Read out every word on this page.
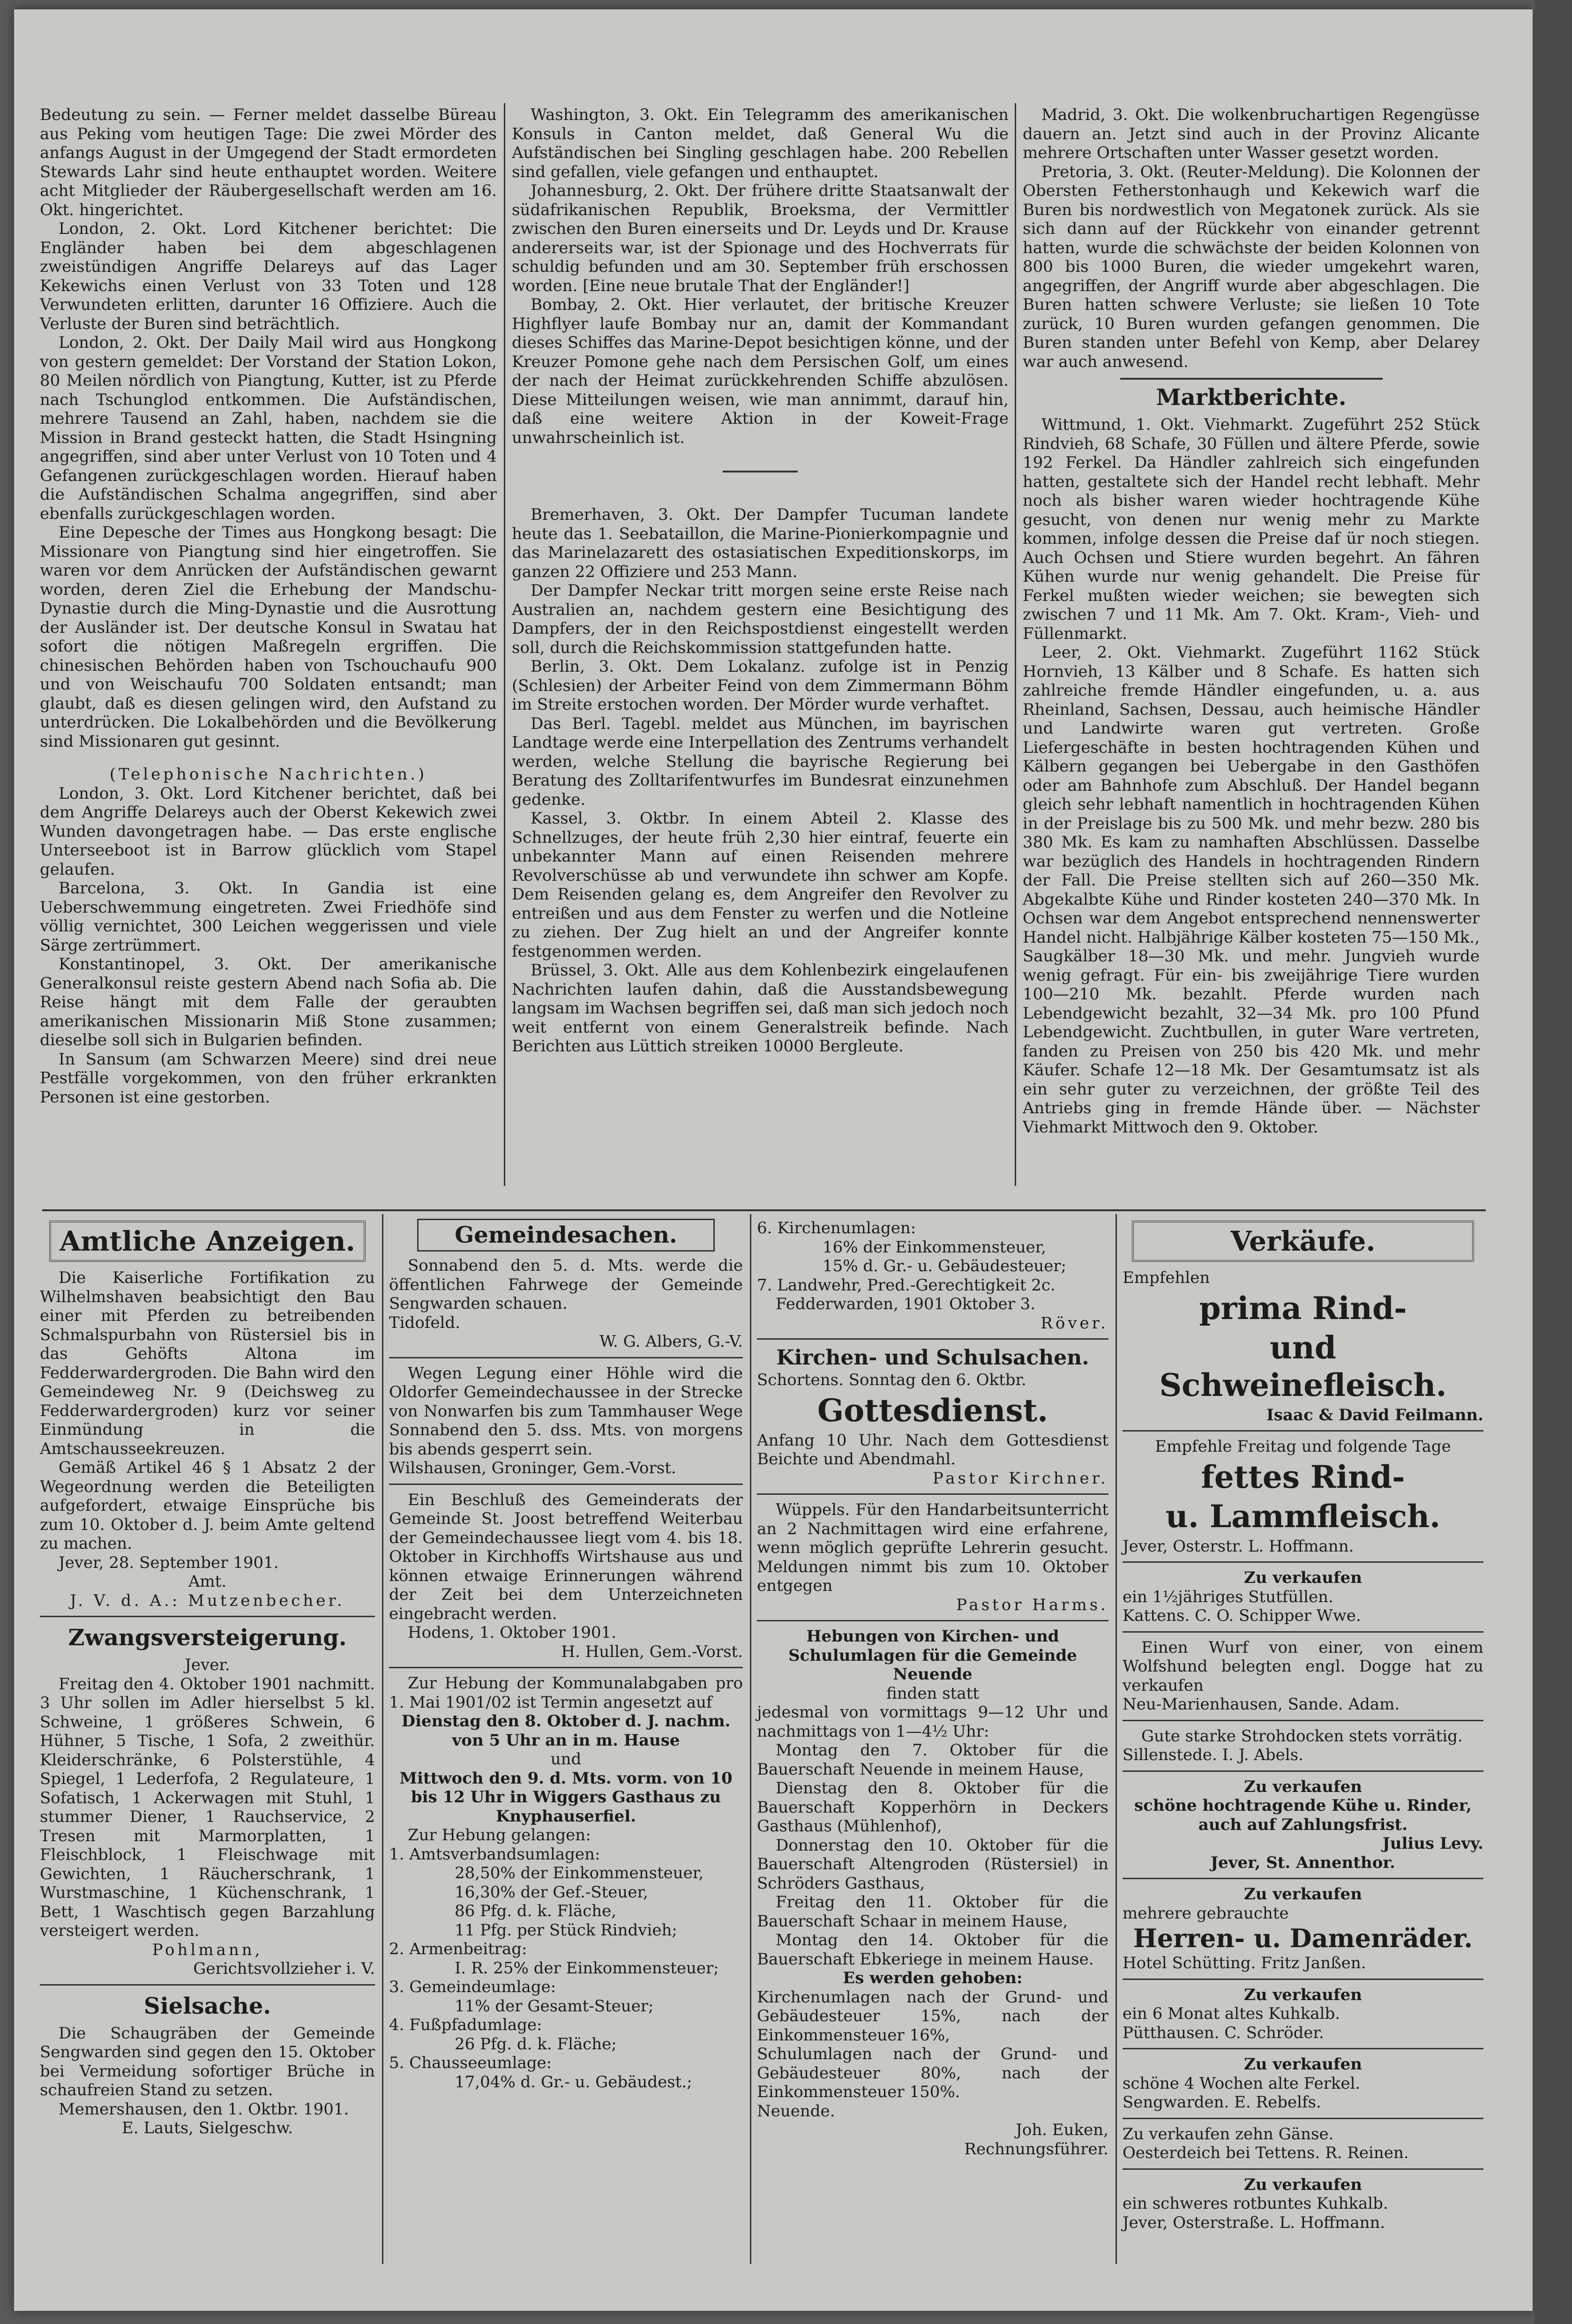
Bedeutung zu sein. — Ferner meldet dasselbe Büreau aus Peking vom heutigen Tage: Die zwei Mörder des anfangs August in der Umgegend der Stadt ermordeten Stewards Lahr sind heute enthauptet worden. Weitere acht Mitglieder der Räubergesellschaft werden am 16. Okt. hingerichtet.

London, 2. Okt. Lord Kitchener berichtet: Die Engländer haben bei dem abgeschlagenen zweistündigen Angriffe Delareys auf das Lager Kekewichs einen Verlust von 33 Toten und 128 Verwundeten erlitten, darunter 16 Offiziere. Auch die Verluste der Buren sind beträchtlich.

London, 2. Okt. Der Daily Mail wird aus Hongkong von gestern gemeldet: Der Vorstand der Station Lokon, 80 Meilen nördlich von Piangtung, Kutter, ist zu Pferde nach Tschunglod entkommen. Die Aufständischen, mehrere Tausend an Zahl, haben, nachdem sie die Mission in Brand gesteckt hatten, die Stadt Hsingning angegriffen, sind aber unter Verlust von 10 Toten und 4 Gefangenen zurückgeschlagen worden. Hierauf haben die Aufständischen Schalma angegriffen, sind aber ebenfalls zurückgeschlagen worden.

Eine Depesche der Times aus Hongkong besagt: Die Missionare von Piangtung sind hier eingetroffen. Sie waren vor dem Anrücken der Aufständischen gewarnt worden, deren Ziel die Erhebung der Mandschu-Dynastie durch die Ming-Dynastie und die Ausrottung der Ausländer ist. Der deutsche Konsul in Swatau hat sofort die nötigen Maßregeln ergriffen. Die chinesischen Behörden haben von Tschouchaufu 900 und von Weischaufu 700 Soldaten entsandt; man glaubt, daß es diesen gelingen wird, den Aufstand zu unterdrücken. Die Lokalbehörden und die Bevölkerung sind Missionaren gut gesinnt.

(Telephonische Nachrichten.)

London, 3. Okt. Lord Kitchener berichtet, daß bei dem Angriffe Delareys auch der Oberst Kekewich zwei Wunden davongetragen habe. — Das erste englische Unterseeboot ist in Barrow glücklich vom Stapel gelaufen.

Barcelona, 3. Okt. In Gandia ist eine Ueberschwemmung eingetreten. Zwei Friedhöfe sind völlig vernichtet, 300 Leichen weggerissen und viele Särge zertrümmert.

Konstantinopel, 3. Okt. Der amerikanische Generalkonsul reiste gestern Abend nach Sofia ab. Die Reise hängt mit dem Falle der geraubten amerikanischen Missionarin Miß Stone zusammen; dieselbe soll sich in Bulgarien befinden.

In Sansum (am Schwarzen Meere) sind drei neue Pestfälle vorgekommen, von den früher erkrankten Personen ist eine gestorben.

Washington, 3. Okt. Ein Telegramm des amerikanischen Konsuls in Canton meldet, daß General Wu die Aufständischen bei Singling geschlagen habe. 200 Rebellen sind gefallen, viele gefangen und enthauptet.

Johannesburg, 2. Okt. Der frühere dritte Staatsanwalt der südafrikanischen Republik, Broeksma, der Vermittler zwischen den Buren einerseits und Dr. Leyds und Dr. Krause andererseits war, ist der Spionage und des Hochverrats für schuldig befunden und am 30. September früh erschossen worden. [Eine neue brutale That der Engländer!]

Bombay, 2. Okt. Hier verlautet, der britische Kreuzer Highflyer laufe Bombay nur an, damit der Kommandant dieses Schiffes das Marine-Depot besichtigen könne, und der Kreuzer Pomone gehe nach dem Persischen Golf, um eines der nach der Heimat zurückkehrenden Schiffe abzulösen. Diese Mitteilungen weisen, wie man annimmt, darauf hin, daß eine weitere Aktion in der Koweit-Frage unwahrscheinlich ist.

Bremerhaven, 3. Okt. Der Dampfer Tucuman landete heute das 1. Seebataillon, die Marine-Pionierkompagnie und das Marinelazarett des ostasiatischen Expeditionskorps, im ganzen 22 Offiziere und 253 Mann.

Der Dampfer Neckar tritt morgen seine erste Reise nach Australien an, nachdem gestern eine Besichtigung des Dampfers, der in den Reichspostdienst eingestellt werden soll, durch die Reichskommission stattgefunden hatte.

Berlin, 3. Okt. Dem Lokalanz. zufolge ist in Penzig (Schlesien) der Arbeiter Feind von dem Zimmermann Böhm im Streite erstochen worden. Der Mörder wurde verhaftet.

Das Berl. Tagebl. meldet aus München, im bayrischen Landtage werde eine Interpellation des Zentrums verhandelt werden, welche Stellung die bayrische Regierung bei Beratung des Zolltarifentwurfes im Bundesrat einzunehmen gedenke.

Kassel, 3. Oktbr. In einem Abteil 2. Klasse des Schnellzuges, der heute früh 2,30 hier eintraf, feuerte ein unbekannter Mann auf einen Reisenden mehrere Revolverschüsse ab und verwundete ihn schwer am Kopfe. Dem Reisenden gelang es, dem Angreifer den Revolver zu entreißen und aus dem Fenster zu werfen und die Notleine zu ziehen. Der Zug hielt an und der Angreifer konnte festgenommen werden.

Brüssel, 3. Okt. Alle aus dem Kohlenbezirk eingelaufenen Nachrichten laufen dahin, daß die Ausstandsbewegung langsam im Wachsen begriffen sei, daß man sich jedoch noch weit entfernt von einem Generalstreik befinde. Nach Berichten aus Lüttich streiken 10000 Bergleute.

Madrid, 3. Okt. Die wolkenbruchartigen Regengüsse dauern an. Jetzt sind auch in der Provinz Alicante mehrere Ortschaften unter Wasser gesetzt worden.

Pretoria, 3. Okt. (Reuter-Meldung). Die Kolonnen der Obersten Fetherstonhaugh und Kekewich warf die Buren bis nordwestlich von Megatonek zurück. Als sie sich dann auf der Rückkehr von einander getrennt hatten, wurde die schwächste der beiden Kolonnen von 800 bis 1000 Buren, die wieder umgekehrt waren, angegriffen, der Angriff wurde aber abgeschlagen. Die Buren hatten schwere Verluste; sie ließen 10 Tote zurück, 10 Buren wurden gefangen genommen. Die Buren standen unter Befehl von Kemp, aber Delarey war auch anwesend.

Marktberichte.

Wittmund, 1. Okt. Viehmarkt. Zugeführt 252 Stück Rindvieh, 68 Schafe, 30 Füllen und ältere Pferde, sowie 192 Ferkel. Da Händler zahlreich sich eingefunden hatten, gestaltete sich der Handel recht lebhaft. Mehr noch als bisher waren wieder hochtragende Kühe gesucht, von denen nur wenig mehr zu Markte kommen, infolge dessen die Preise daf ür noch stiegen. Auch Ochsen und Stiere wurden begehrt. An fähren Kühen wurde nur wenig gehandelt. Die Preise für Ferkel mußten wieder weichen; sie bewegten sich zwischen 7 und 11 Mk. Am 7. Okt. Kram-, Vieh- und Füllenmarkt.

Leer, 2. Okt. Viehmarkt. Zugeführt 1162 Stück Hornvieh, 13 Kälber und 8 Schafe. Es hatten sich zahlreiche fremde Händler eingefunden, u. a. aus Rheinland, Sachsen, Dessau, auch heimische Händler und Landwirte waren gut vertreten. Große Liefergeschäfte in besten hochtragenden Kühen und Kälbern gegangen bei Uebergabe in den Gasthöfen oder am Bahnhofe zum Abschluß. Der Handel begann gleich sehr lebhaft namentlich in hochtragenden Kühen in der Preislage bis zu 500 Mk. und mehr bezw. 280 bis 380 Mk. Es kam zu namhaften Abschlüssen. Dasselbe war bezüglich des Handels in hochtragenden Rindern der Fall. Die Preise stellten sich auf 260—350 Mk. Abgekalbte Kühe und Rinder kosteten 240—370 Mk. In Ochsen war dem Angebot entsprechend nennenswerter Handel nicht. Halbjährige Kälber kosteten 75—150 Mk., Saugkälber 18—30 Mk. und mehr. Jungvieh wurde wenig gefragt. Für ein- bis zweijährige Tiere wurden 100—210 Mk. bezahlt. Pferde wurden nach Lebendgewicht bezahlt, 32—34 Mk. pro 100 Pfund Lebendgewicht. Zuchtbullen, in guter Ware vertreten, fanden zu Preisen von 250 bis 420 Mk. und mehr Käufer. Schafe 12—18 Mk. Der Gesamtumsatz ist als ein sehr guter zu verzeichnen, der größte Teil des Antriebs ging in fremde Hände über. — Nächster Viehmarkt Mittwoch den 9. Oktober.

Amtliche Anzeigen.

Die Kaiserliche Fortifikation zu Wilhelmshaven beabsichtigt den Bau einer mit Pferden zu betreibenden Schmalspurbahn von Rüstersiel bis in das Gehöfts Altona im Fedderwardergroden. Die Bahn wird den Gemeindeweg Nr. 9 (Deichsweg zu Fedderwardergroden) kurz vor seiner Einmündung in die Amtschausseekreuzen.

Gemäß Artikel 46 § 1 Absatz 2 der Wegeordnung werden die Beteiligten aufgefordert, etwaige Einsprüche bis zum 10. Oktober d. J. beim Amte geltend zu machen.

Jever, 28. September 1901.

Amt.

J. V. d. A.: Mutzenbecher.

Zwangsversteigerung.

Jever.

Freitag den 4. Oktober 1901 nachmitt. 3 Uhr sollen im Adler hierselbst 5 kl. Schweine, 1 größeres Schwein, 6 Hühner, 5 Tische, 1 Sofa, 2 zweithür. Kleiderschränke, 6 Polsterstühle, 4 Spiegel, 1 Lederfofa, 2 Regulateure, 1 Sofatisch, 1 Ackerwagen mit Stuhl, 1 stummer Diener, 1 Rauchservice, 2 Tresen mit Marmorplatten, 1 Fleischblock, 1 Fleischwage mit Gewichten, 1 Räucherschrank, 1 Wurstmaschine, 1 Küchenschrank, 1 Bett, 1 Waschtisch gegen Barzahlung versteigert werden.

Pohlmann,

Gerichtsvollzieher i. V.

Sielsache.

Die Schaugräben der Gemeinde Sengwarden sind gegen den 15. Oktober bei Vermeidung sofortiger Brüche in schaufreien Stand zu setzen.

Memershausen, den 1. Oktbr. 1901.

E. Lauts, Sielgeschw.

Gemeindesachen.

Sonnabend den 5. d. Mts. werde die öffentlichen Fahrwege der Gemeinde Sengwarden schauen.

Tidofeld.

W. G. Albers, G.-V.

Wegen Legung einer Höhle wird die Oldorfer Gemeindechaussee in der Strecke von Nonwarfen bis zum Tammhauser Wege Sonnabend den 5. dss. Mts. von morgens bis abends gesperrt sein.

Wilshausen, Groninger, Gem.-Vorst.

Ein Beschluß des Gemeinderats der Gemeinde St. Joost betreffend Weiterbau der Gemeindechaussee liegt vom 4. bis 18. Oktober in Kirchhoffs Wirtshause aus und können etwaige Erinnerungen während der Zeit bei dem Unterzeichneten eingebracht werden.

Hodens, 1. Oktober 1901.

H. Hullen, Gem.-Vorst.

Zur Hebung der Kommunalabgaben pro 1. Mai 1901/02 ist Termin angesetzt auf

Dienstag den 8. Oktober d. J. nachm. von 5 Uhr an in m. Hause

und

Mittwoch den 9. d. Mts. vorm. von 10 bis 12 Uhr in Wiggers Gasthaus zu Knyphauserfiel.

Zur Hebung gelangen:

1. Amtsverbandsumlagen:

28,50% der Einkommensteuer,

16,30% der Gef.-Steuer,

86 Pfg. d. k. Fläche,

11 Pfg. per Stück Rindvieh;

2. Armenbeitrag:

I. R. 25% der Einkommensteuer;

3. Gemeindeumlage:

11% der Gesamt-Steuer;

4. Fußpfadumlage:

26 Pfg. d. k. Fläche;

5. Chausseeumlage:

17,04% d. Gr.- u. Gebäudest.;

6. Kirchenumlagen:

16% der Einkommensteuer,

15% d. Gr.- u. Gebäudesteuer;

7. Landwehr, Pred.-Gerechtigkeit 2c.

Fedderwarden, 1901 Oktober 3.

Röver.

Kirchen- und Schulsachen.

Schortens. Sonntag den 6. Oktbr.

Gottesdienst.

Anfang 10 Uhr. Nach dem Gottesdienst Beichte und Abendmahl.

Pastor Kirchner.

Wüppels. Für den Handarbeitsunterricht an 2 Nachmittagen wird eine erfahrene, wenn möglich geprüfte Lehrerin gesucht. Meldungen nimmt bis zum 10. Oktober entgegen

Pastor Harms.

Hebungen von Kirchen- und Schulumlagen für die Gemeinde Neuende

finden statt

jedesmal von vormittags 9—12 Uhr und nachmittags von 1—4½ Uhr:

Montag den 7. Oktober für die Bauerschaft Neuende in meinem Hause,

Dienstag den 8. Oktober für die Bauerschaft Kopperhörn in Deckers Gasthaus (Mühlenhof),

Donnerstag den 10. Oktober für die Bauerschaft Altengroden (Rüstersiel) in Schröders Gasthaus,

Freitag den 11. Oktober für die Bauerschaft Schaar in meinem Hause,

Montag den 14. Oktober für die Bauerschaft Ebkeriege in meinem Hause.

Es werden gehoben:

Kirchenumlagen nach der Grund- und Gebäudesteuer 15%, nach der Einkommensteuer 16%,

Schulumlagen nach der Grund- und Gebäudesteuer 80%, nach der Einkommensteuer 150%.

Neuende.

Joh. Euken,

Rechnungsführer.

Verkäufe.

Empfehlen

prima Rind-

und Schweinefleisch.

Isaac & David Feilmann.

Empfehle Freitag und folgende Tage

fettes Rind-

u. Lammfleisch.

Jever, Osterstr. L. Hoffmann.

Zu verkaufen

ein 1½jähriges Stutfüllen.

Kattens. C. O. Schipper Wwe.

Einen Wurf von einer, von einem Wolfshund belegten engl. Dogge hat zu verkaufen

Neu-Marienhausen, Sande. Adam.

Gute starke Strohdocken stets vorrätig.

Sillenstede. I. J. Abels.

Zu verkaufen

schöne hochtragende Kühe u. Rinder, auch auf Zahlungsfrist.

Julius Levy.

Jever, St. Annenthor.

Zu verkaufen

mehrere gebrauchte

Herren- u. Damenräder.

Hotel Schütting. Fritz Janßen.

Zu verkaufen

ein 6 Monat altes Kuhkalb.

Pütthausen. C. Schröder.

Zu verkaufen

schöne 4 Wochen alte Ferkel.

Sengwarden. E. Rebelfs.

Zu verkaufen zehn Gänse.

Oesterdeich bei Tettens. R. Reinen.

Zu verkaufen

ein schweres rotbuntes Kuhkalb.

Jever, Osterstraße. L. Hoffmann.
